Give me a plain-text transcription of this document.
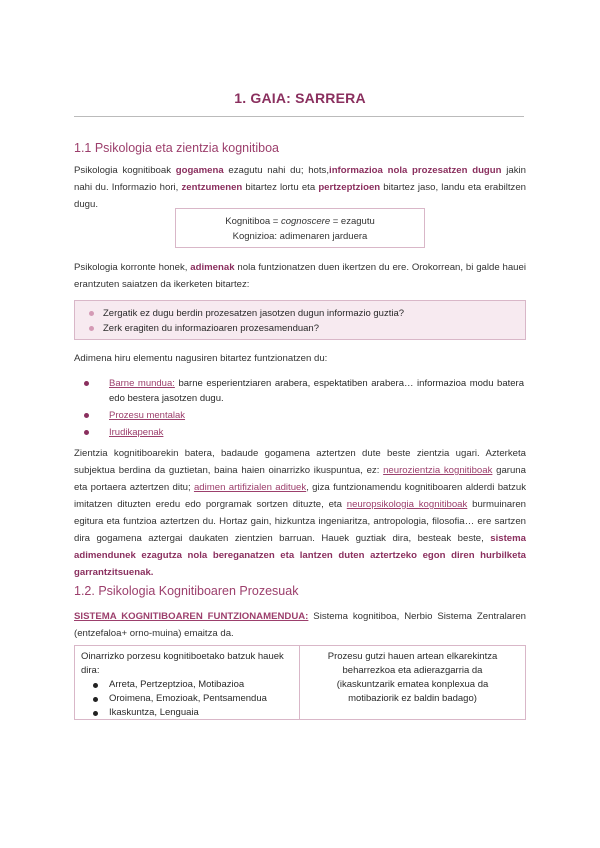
1. GAIA: SARRERA
1.1 Psikologia eta zientzia kognitiboa
Psikologia kognitiboak gogamena ezagutu nahi du; hots,informazioa nola prozesatzen dugun jakin nahi du. Informazio hori, zentzumenen bitartez lortu eta pertzeptzioen bitartez jaso, landu eta erabiltzen dugu.
Kognitiboa = cognoscere = ezagutu
Kognizioa: adimenaren jarduera
Psikologia korronte honek, adimenak nola funtzionatzen duen ikertzen du ere. Orokorrean, bi galde hauei erantzuten saiatzen da ikerketen bitartez:
Zergatik ez dugu berdin prozesatzen jasotzen dugun informazio guztia?
Zerk eragiten du informazioaren prozesamenduan?
Adimena hiru elementu nagusiren bitartez funtzionatzen du:
Barne mundua: barne esperientziaren arabera, espektatiben arabera… informazioa modu batera edo bestera jasotzen dugu.
Prozesu mentalak
Irudikapenak
Zientzia kognitiboarekin batera, badaude gogamena aztertzen dute beste zientzia ugari. Azterketa subjektua berdina da guztietan, baina haien oinarrizko ikuspuntua, ez: neurozientzia kognitiboak garuna eta portaera aztertzen ditu; adimen artifizialen adituek, giza funtzionamendu kognitiboaren alderdi batzuk imitatzen dituzten eredu edo porgramak sortzen dituzte, eta neuropsikologia kognitiboak burmuinaren egitura eta funtzioa aztertzen du. Hortaz gain, hizkuntza ingeniaritza, antropologia, filosofia… ere sartzen dira gogamena aztergai daukaten zientzien barruan. Hauek guztiak dira, besteak beste, sistema adimendunek ezagutza nola bereganatzen eta lantzen duten aztertzeko egon diren hurbilketa garrantzitsuenak.
1.2. Psikologia Kognitiboaren Prozesuak
SISTEMA KOGNITIBOAREN FUNTZIONAMENDUA: Sistema kognitiboa, Nerbio Sistema Zentralaren (entzefaloa+ orno-muina) emaitza da.
Oinarrizko porzesu kognitiboetako batzuk hauek dira:
Arreta, Pertzeptzioa, Motibazioa
Oroimena, Emozioak, Pentsamendua
Ikaskuntza, Lenguaia
Prozesu gutzi hauen artean elkarekintza beharrezkoa eta adierazgarria da (ikaskuntzarik ematea konplexua da motibaziorik ez baldin badago)
